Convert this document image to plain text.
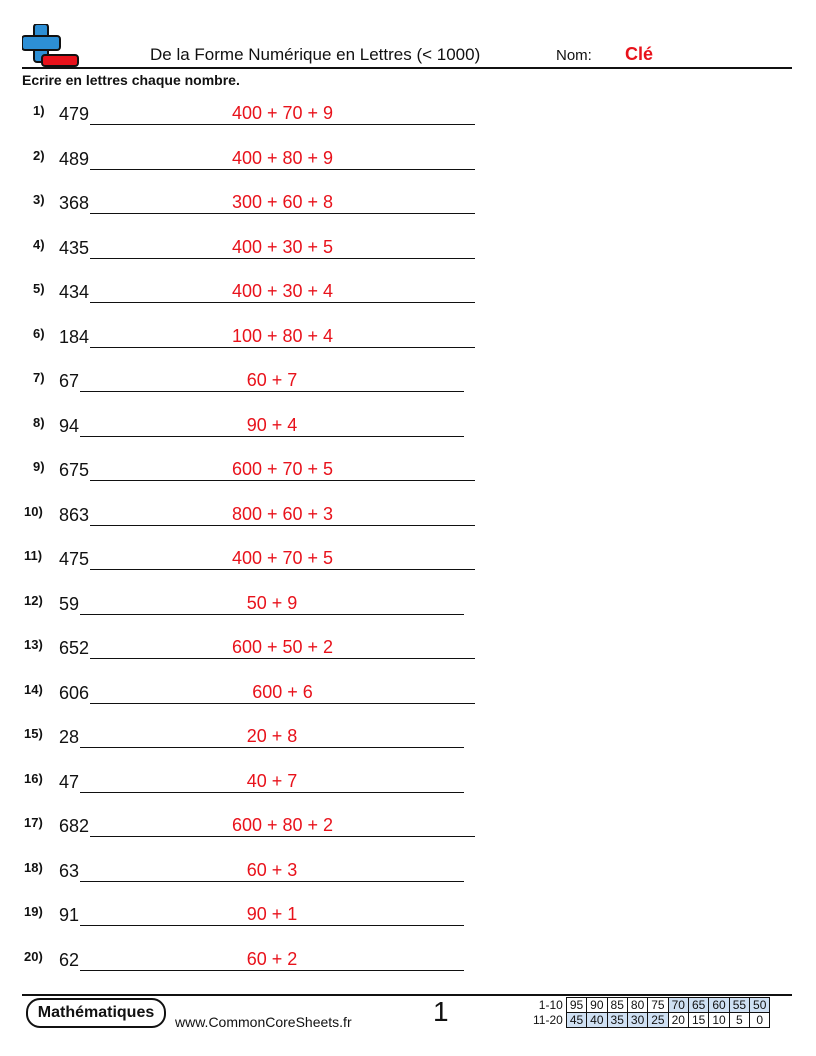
De la Forme Numérique en Lettres (< 1000)	Nom: Clé
Ecrire en lettres chaque nombre.
1) 479	400 + 70 + 9
2) 489	400 + 80 + 9
3) 368	300 + 60 + 8
4) 435	400 + 30 + 5
5) 434	400 + 30 + 4
6) 184	100 + 80 + 4
7) 67	60 + 7
8) 94	90 + 4
9) 675	600 + 70 + 5
10) 863	800 + 60 + 3
11) 475	400 + 70 + 5
12) 59	50 + 9
13) 652	600 + 50 + 2
14) 606	600 + 6
15) 28	20 + 8
16) 47	40 + 7
17) 682	600 + 80 + 2
18) 63	60 + 3
19) 91	90 + 1
20) 62	60 + 2
Mathématiques
www.CommonCoreSheets.fr	1	1-10	95	90	85	80	75	70	65	60	55	50
11-20	45	40	35	30	25	20	15	10	5	0
